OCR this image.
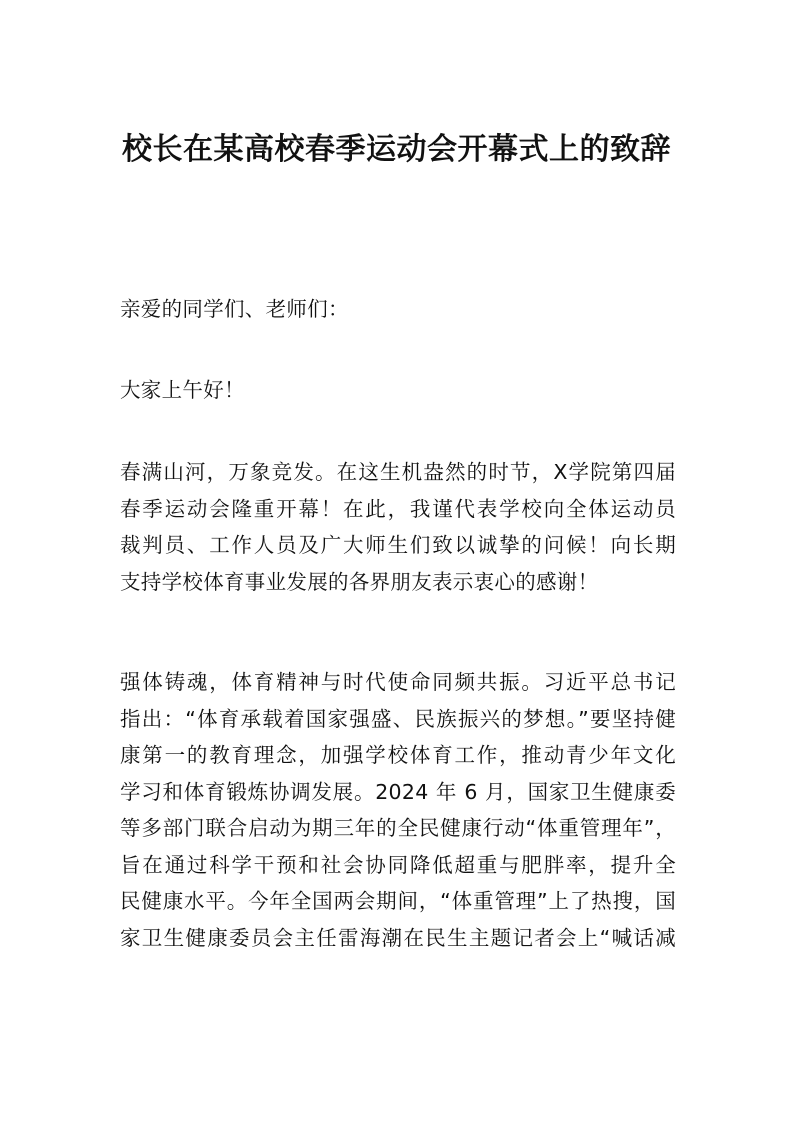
校长在某高校春季运动会开幕式上的致辞
亲爱的同学们、老师们：
大家上午好！
春满山河，万象竞发。在这生机盎然的时节，X学院第四届
春季运动会隆重开幕！在此，我谨代表学校向全体运动员
裁判员、工作人员及广大师生们致以诚挚的问候！向长期
支持学校体育事业发展的各界朋友表示衷心的感谢！
强体铸魂，体育精神与时代使命同频共振。习近平总书记
指出：“体育承载着国家强盛、民族振兴的梦想。”要坚持健
康第一的教育理念，加强学校体育工作，推动青少年文化
学习和体育锻炼协调发展。2024 年 6 月，国家卫生健康委
等多部门联合启动为期三年的全民健康行动“体重管理年”，
旨在通过科学干预和社会协同降低超重与肥胖率，提升全
民健康水平。今年全国两会期间，“体重管理”上了热搜，国
家卫生健康委员会主任雷海潮在民生主题记者会上“喊话减
